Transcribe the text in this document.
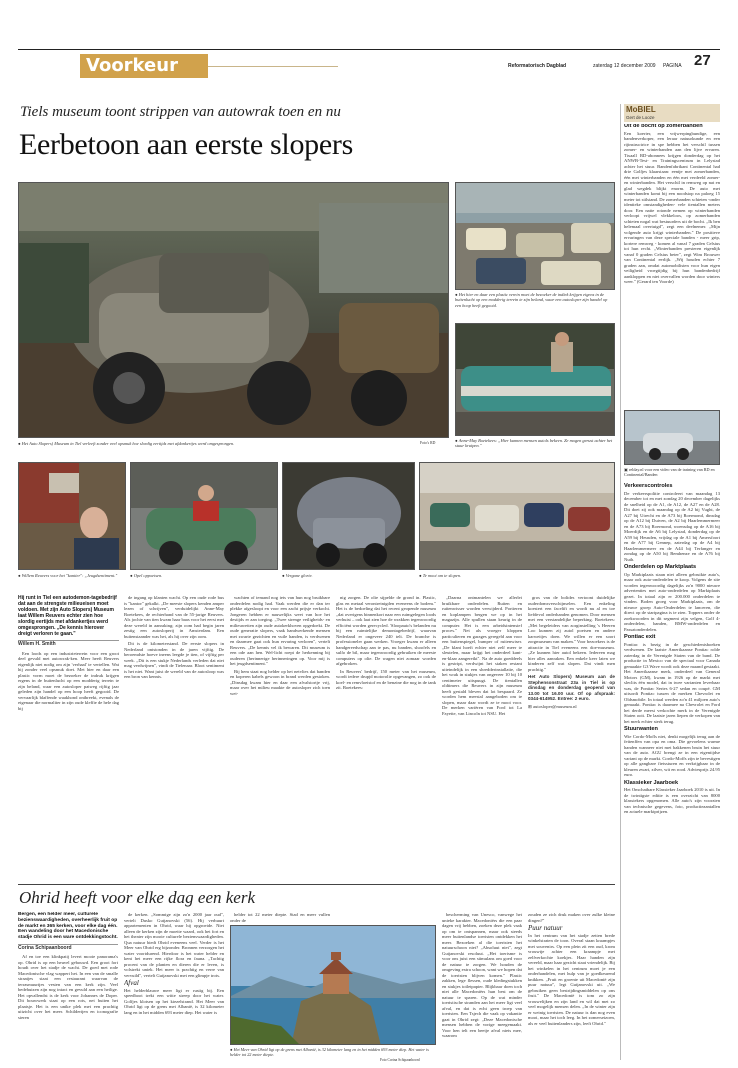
Voorkeur	Reformatorisch Dagblad	zaterdag 12 december 2009 PAGINA 27
Tiels museum toont strippen van autowrak toen en nu
Eerbetoon aan eerste slopers
● Het Auto Slopers) Museum in Tiel verleeft zonder veel opsmuk hoe slordig eertijds met afdankertjes werd omgesprongen.	Foto's RD
● Het hier en daar een plastic verein moet de bezoeker de indiek krijgen eigens in de buitenlucht op een modderig terrein te zijn beland, waar een autosloper zijn handel op een hoop heeft gegooid.
● Anne-May Boetekees: „Hier kunnen mensen autols bekeen. Ze mogen gerust achter het stuur kruipen."
● Willem Reuvers voor het "kantier": „Jeugdsentiment."	● Opel oppoetsen.	● Vergane glorie.	● Te mooi om te slopen.

Hij runt in Tiel een autodemon-tagebedrijf dat aan de strengste milieueisen moet voldoen. Met zijn Auto Slopers) Museum laat Willem Reuvers echter zien hoe slordig eertijds met afdankertjes werd omgesprongen. „De kennis hierover dreigt verloren te gaan."

Willem H. Smith

Een loods op een industrieterrein voor een groot deel gevuld met autowrak-ken. Meer heeft Reuvers eigenlijk niet nodig om zijn 'verhaal' te vertellen. Wat hij zonder veel opsmuk doet. Met hier en daar een plastic vorm moet de bezoeker de indruk krijgen ergens in de buitenlucht op een modderig terrein te zijn beland, waar een autosloper patweg rijftig jaar geleden zijn handel op een hoop heeft gegooid. De vervaarlijk blaffende waakhond ontbreekt, evenals de eigenaar die normaliter in zijn oude kleffie de hele dag bij

de ingang op klanten wacht. Op een oude rode bus is "kantor" gekalkt. „De meeste slopers kenden amper lezen of schrijven", verduidelijkt Anne-May Boetekees, de rechterhand van de 55-jarige Reuvers. Als jochie van tien kwam haar baas voor het eerst met deze wereld in aanraking; zijn oom had begin jaren zestig een autosloperij in Amsterdam. Een buitenstaander was het, als hij over zijn oom.

Dit is de kilometerstand. De eerste slopers in Nederland ontstonden in de jaren vijftig. De beroemdste hoeve ineens leegde je tien, of vijftig per week. „Dit is een stukje Nederlands verleden dat niet mag verdwijnen", vindt de Tielenaar. Bloot sentiment is het niet. Want juist de wereld van de autosloop was een bron van kennis.

wachten of iemand nog iets van hun nog bruikbare onderdelen nodig had. Vaak werden die er dan ter plekke afgesloopt en voor een zacht prijsje verkocht. Jongeren hebben er nauwelijks weet van hoe het destijds er aan toeging. „Twee strenge veiligheids- en milieuwetten zijn oude autokerkhoven opgedoekt. De oude generatie slopers, vaak handwerkende mensen met zwarte gezichten en vuile handen, is verdwenen en daarmee gaat ook hun ervaring verloren", vertelt Reuvers. „De kennis vel ik bewaren. Dit museum is een ode aan hen. Wel-licht roept de herkenning bij ouderen (herinnerige herinneringen op. Voor mij is het jeugdsentiment."

Bij hem staat nog helder op het netvlies dat banden en koperen kabels gewoon in brand werden gestoken. „Dinsdag kwam hier en daar een afvalstortje vrij, maar over het milieu maakte de autosloper zich toen wei-

nig zorgen. De olie sijpelde de grond in. Plastic, glas en metaal verontreinigden eveneens de bodem." Het is de bedoeling dat het recent geopende museum „dat overigens binnenkort naar een ruimgelegen loods verhuist – ook laat zien hoe de wrakken tegenwoordig efficiënt worden gerecycled. 'Sloopauto's belanden nu bij een ruimtelijke demontagebedrijf, waarvan Nederland er ongeveer 240 telt. De branche is professioneler gaan werken. Vroeger kwam er alleen handgereedschap aan te pas, nu banden, shoofels en sulfo de bil, maar tegenwoordig gebruiken de meeste computers op olie. De wagen niet zomaar worden afgebroken.

In Reuvers' bedrijf, 150 meter van het museum, wordt iedere drupjd motorolie opgevangen, zo ook de koel- en remvloeistof en de benzine die nog in de tank zit. Boetekees:

„Daarna ontmantelen we allerlei bruikbare onderdelen. Ruiten en ruitenwisser worden verwijderd. Portieren en koplampen bergen we op in het magazijn. Alle spullen staan keurig in de computer. Het is een arbeidsintensief proces." Net als vroeger kloppen particulieren en garages geregeld aan voor een buitenspiegel, bumper of ruitenwiser. „De klant hoeft echter niet zelf meer te sleutelen, maar krijgt het onderdeel kant-en-klaar aangereikt". Na de auto goeddeels is gestript, verdwijnt het staken restant uiteindelijk in een shredderinstallatie, die het wrak in stukjes van ongeveer 10 bij 10 centimeter uitspuugt. De tientallen oldtimers die Reuvers in zijn museum heeft gestald bleven dat lot bespaard. Ze worden hem meestal aangeboden om te slopen, maar daar wordt ze te mooi voor. De merken variëren van Ford tot La Fayette, van Lincoln tot NSU. Het

gros van de bolides vertoont duidelijke ouderdomsverschijnselen. Een enkeling koestert een facelift en wordt nu al en toe liefdevol onderhanden genomen. Door mensen met een verstandelijke beperking. Boetekees: „Met begeleiders van zorginstelling 's Heeren Loo kunnen zij autol poetsen en andere karweitjes doen. We willen er een soort zorgmuseum van maken." Voor bezoekers is de attractie in Tiel eveneens een doe-museum. „Ze kunnen hier autol bekeen. Iedereen mag hier alles aanraken. Een enkele keer laten we kinderen zelf wat slopen. Dat vindt men prachtig."

Het Auto Slopers) Museum aan de Stephensonstraat 23a in Tiel is op dinsdag en donderdag geopend van 13.00 tot 16.00 uur. Of op afspraak: 0344-614952. Entree: 2 euro.

⊞ autosloper@museum.nl

Ohrid heeft voor elke dag een kerk

Bergen, een helder meer, culturele bezienswaardigheden, overheerlijk fruit op de markt en 365 kerken, voor elke dag één. Een wandeling door het Macedonische stadje Ohrid is een ware ontdekkingstocht.

Corina Schipaanboord

Af en toe een klinkpatij levert mooie panorama's op. Ohrid is op een heuvel gebouwd. Een groot fort houdt over het stadje de wacht. De goed met rode Macedonische vlag wappert het. In een van de smalle straatjes staat een restaurant waarvan de terrasmuurtjes vesten van een kerk zijn. Veel bedehuizen zijn nog intact en gevuld aan een heilige. Het opvallendst is de kerk voor Johannes de Doper. Dit bouwwerk staat op een rots, net buiten het plaatsje. Het is een unike plek met een prachtig uitzicht over het meer. Schilderijen en iconografie sieren

de kerken. „Sommige zijn zo'n 2000 jaar oud", vertelt Dusko Gutjanovski (56). Hij verhuurt appartementen in Ohrid, waar hij opgroeide. Niet alleen de kerken zijn de moeite waard, ook het fort en het theater zijn mooie culturele bezienswaardigheden. Qua natuur biedt Ohrid eveneens veel. Verder is het Meer van Ohrid erg bijzonder. Bronnen verzorgen het water voortdurend. Hierdoor is het water helder en kent het meer een rijke flora en fauna. „Tachtig procent van de planten en dieren die er leven, is volstrekt uniek. Het meer is prachtig en verre van vervuild", vertelt Gutjanovski met een glimpje trots.

Afval

Het helderblauwe meer ligt er rustig bij. Een speedboot trekt een witte streep door het water. Golfjes klotsen op het kiezelstrand. Het Meer van Ohrid ligt op de grens met Albanië, is 32 kilometer lang en in het midden 693 meter diep. Het water is

helder tot 22 meter diepte. Stad en meer vullen onder de

● Het Meer van Ohrid ligt op de grens met Albanië, is 32 kilometer lang en in het midden 693 meter diep. Het water is helder tot 22 meter diepte.
Foto Corina Schipaanboord

bescherming van Unesco, vanwege het unieke karakter. Macedoniërs die een paar dagen vrij hebben, zoeken deze plek vaak op om te ontspannen, maar ook steeds meer buitenlandse toeristen ontdekken het meer. Bezoeken al die toeristen het natuurschoon niet? „Absoluut niet", zegt Gutjanovski resoluut. „Het toerisme is voor ons juist een stimulans om goed voor de natuur te zorgen. We houden de omgeving extra schoon, want we hopen dat de toeristen blijven komen." Plastic zakken, lege flessen, oude kledingstukken en stukjes toiletpapier. Blijkbaar doen toch niet alle Macedoniërs hun best om de natuur te sparen. Op de wat minder toeristische stranden aan het meer ligt veel afval, en dat is echt geen troep van toeristen. Een Tsjech die vaak op vakantie gaat in Ohrid zegt: „Deze Macedonische mensen hebben de vorige meegemaakt. Voor hen telt een beetje afval niets mee, waarom

zouden ze zich druk maken over zulke kleine dingen?"

Puur natuur

In het centrum van het stadje zetten brede winkelstraten de toon. Overal staan kraampjes met souvenirs. Op een plein zit een oud, krom vrouwtje achter een kraampje met zelfverkochte koekjes. Haar handen zijn vereeld, maar haar gezicht staat vriendelijk. Bij het winkelen in het centrum moet je een onderhandelen, met hulp van je goedkeurend knikken. „Fruit en groente uit Macedonië zijn puur natuur", legt Gutjanovski uit. „We gebruiken geen bestrijdingsmiddelen op ons fruit." De Macedonië is tom zo zijn vrouwelijken en zijn land en wil dat met zo veel mogelijk mensen delen. „In de winter zijn er weinig toeristen. De natuur is dan nog even mooi, maar het toch leeg. In het zomerseizoen, als er veel buitenlanders zijn, leeft Ohrid."

MoBIEL
Gert de Looze
Uit de bocht op zomerbanden

Een koerier, een vrijwerpingbundige, een bandenverkoper, een leraar natuurkunde en een rijinstructrice in spe hebben het verschil tussen zomer- en winterbanden aan den lijve ervaren. Tixaall RD-abonnees krijgen donderdag op het ANWB-Test- en Trainingscentrum in Lelystad achter het stuur. Bandenfabrikant Continental had drie Golfjes klaarstaan: eentje met zomerbanden, één met winterbanden en één met verdeeld zomer- en winterbanden. Het verschil in remweg op nat en glad wegdek blijkt enorm. De auto met winterbanden komt bij een noodstop na paloeg 15 meter tot stilstand. De zomerbanden schieten -onder identieke omstandigheden- vele tientallen meters door. Een natte rotonde nemen op winterbanden verloopt vrijwel vlekkeloos, op zomerbanden schieten nogal wat bestuurders uit de bocht. „Ik ben helemaal overtuigd", zegt een deelnemer. „Mijn volgende auto krijgt winterbanden." De positieve ervaringen van deze speciale banden - meer grip, kortere remweg - komen al vanaf 7 graden Celsius tot hun recht. „Winterbanden presteren eigenlijk vanaf 0 graden Celsius beter", zegt Wim Brouwer van Continental eerlijk. „Wij houden echter 7 graden aan, omdat automobilisten voor hun eigen veiligheid vroegtijdig bij hun bandenbedrijf aankloppen en niet overvallen worden door winters weer." (Gerard ten Voorde)

▣ relday.nl voor een video van de training van RD en Continental/Banden
Verkeerscontroles

De verkeerspolitie controleert van maandag 13 december tot en met zondag 20 december dagelijks de snelheid op de A1, de A12, de A27 en de A28. Dit doet zij ook maandag op de A2 bij Vught, de A27 bij Utrecht en de A73 bij Roermond, dinsdag op de A12 bij Duiven, de A2 bij Haarlemmermeer en de A73 bij Roermond, woensdag op de A16 bij Moerdijk en de A6 bij Lelystad, donderdag op de A59 bij Heusden, vrijdag op de A1 bij Amersfoort en de A77 bij Gennep, zaterdag op de A4 bij Haarlemmermeer en de A44 bij Terfanger en zondag op de A50 bij Bemhenze en de A76 bij Nuth.

Onderdelen op Marktplaats

Op Marktplaats staan niet alleen gebruikte auto's, maar ook auto-onderdelen te koop. Volgens de site worden tegenwoordig dagelijks zo'n 9000 nieuwe advertenties met auto-onderdelen op Marktplaats gezet. In totaal zijn er 200.000 onderdelen te vinden. Boden groeg voor Marktplaats, om de nieuwe groep Auto-Onderdelen te lanceren, die direct op de startpagina is te zien. Toppers onder de zoekwoorden in dit segment zijn velgen, Golf 4-onderdelen, banden, BMW-onderdelen en Passatonderdelen.

Pontiac exit

Pontiac is bezig in de geschiedenisboeken verdwenen. De laatste Amerikaanse Pontiac rolde zaterdag in de Verenigde Staten van de band. De productie in Mexico van de speciaal voor Canada gemaakte G3 Wave wordt ook deze maand gestaakt. Het Amerikaanse merk, onderdeel van General Motors (GM), kwam in 1926 op de markt met sleclits één model, dat in twee varianten leverbaar was, de Pontiac Series 6-27 sedan en coupé. GM uitsordt Pontiac tussen de merken Chevrolet en Oldsmobile. In totaal werden zo'n 41 miljoen auto's gemaakt. Pontiac is daarmee na Chevrolet en Ford het derde meest verkochte merk in de Verenigde Staten ooit. De laatste jaren liepen de verkopen van het merk echter sterk terug.

Stuurwanten

Wie Cordo-Mofls niet, denkt mogelijk terug aan de feitenffen van opa en oma. Die gevoelens warme handen wanneer niet met bakkenen bruin het stuur van de auto. AGU brengt ze in een eigentijdse variant op de markt. Cordo-Moffs zijn te bevestigen op alle gangbare fietssturen en verkrijgbaar in de kleuren zwart, zilver, wit en rood. Adviesprijs 24.95 euro.

Klassieker Jaarboek

Het Onschatbare Klassieker Jaarboek 2010 is uit. In de twintigste editie is een overzicht van 8000 klassiekers opgenomen. Alle auto's zijn voorzien van technische gegevens, foto, productieaantallen en actuele marktprijzen.
